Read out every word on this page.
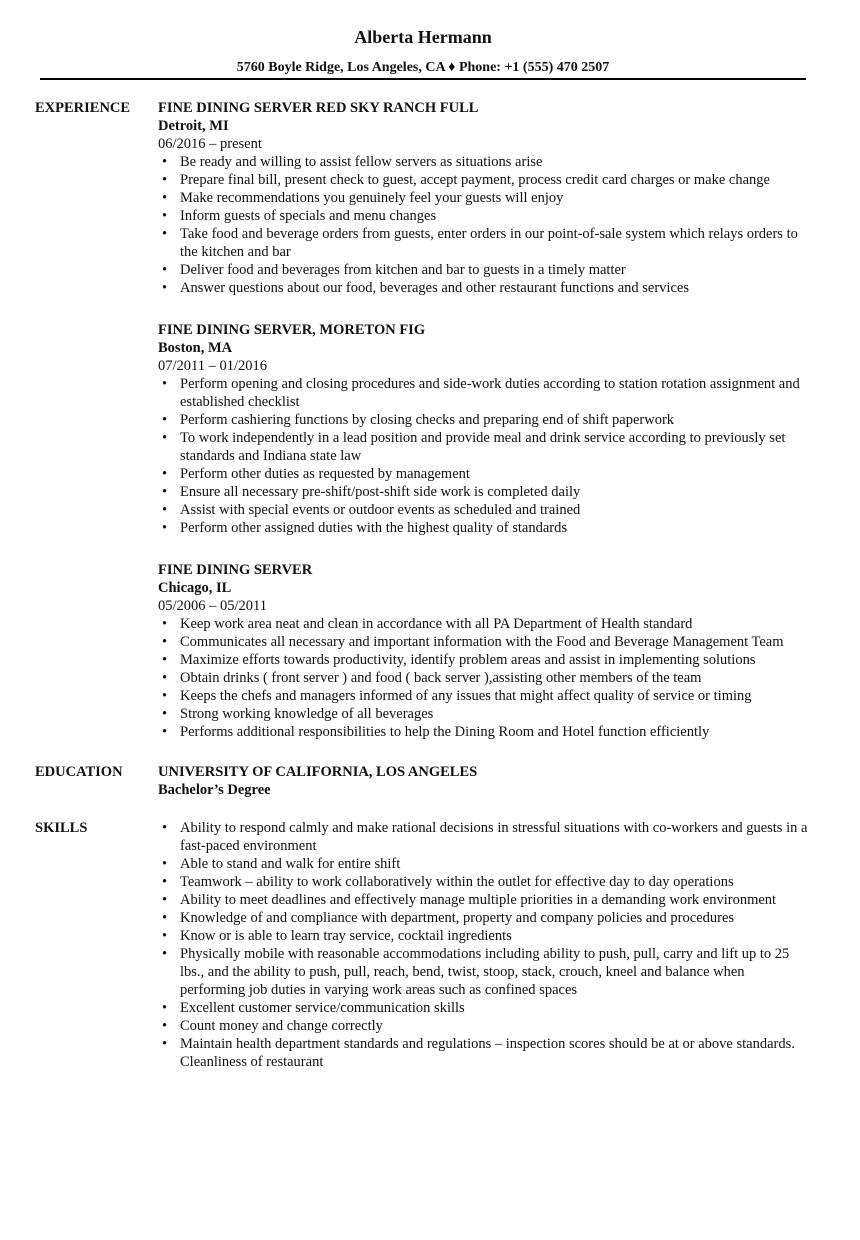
Alberta Hermann
5760 Boyle Ridge, Los Angeles, CA ♦ Phone: +1 (555) 470 2507
EXPERIENCE FINE DINING SERVER RED SKY RANCH FULL
Detroit, MI
06/2016 – present
• Be ready and willing to assist fellow servers as situations arise
• Prepare final bill, present check to guest, accept payment, process credit card charges or make change
• Make recommendations you genuinely feel your guests will enjoy
• Inform guests of specials and menu changes
• Take food and beverage orders from guests, enter orders in our point-of-sale system which relays orders to the kitchen and bar
• Deliver food and beverages from kitchen and bar to guests in a timely matter
• Answer questions about our food, beverages and other restaurant functions and services
FINE DINING SERVER, MORETON FIG
Boston, MA
07/2011 – 01/2016
• Perform opening and closing procedures and side-work duties according to station rotation assignment and established checklist
• Perform cashiering functions by closing checks and preparing end of shift paperwork
• To work independently in a lead position and provide meal and drink service according to previously set standards and Indiana state law
• Perform other duties as requested by management
• Ensure all necessary pre-shift/post-shift side work is completed daily
• Assist with special events or outdoor events as scheduled and trained
• Perform other assigned duties with the highest quality of standards
FINE DINING SERVER
Chicago, IL
05/2006 – 05/2011
• Keep work area neat and clean in accordance with all PA Department of Health standard
• Communicates all necessary and important information with the Food and Beverage Management Team
• Maximize efforts towards productivity, identify problem areas and assist in implementing solutions
• Obtain drinks ( front server ) and food ( back server ),assisting other members of the team
• Keeps the chefs and managers informed of any issues that might affect quality of service or timing
• Strong working knowledge of all beverages
• Performs additional responsibilities to help the Dining Room and Hotel function efficiently
EDUCATION UNIVERSITY OF CALIFORNIA, LOS ANGELES
Bachelor’s Degree
SKILLS
•	Ability to respond calmly and make rational decisions in stressful situations with co-workers and guests in a fast-paced environment
• Able to stand and walk for entire shift
• Teamwork – ability to work collaboratively within the outlet for effective day to day operations
• Ability to meet deadlines and effectively manage multiple priorities in a demanding work environment
• Knowledge of and compliance with department, property and company policies and procedures
• Know or is able to learn tray service, cocktail ingredients
• Physically mobile with reasonable accommodations including ability to push, pull, carry and lift up to 25 lbs., and the ability to push, pull, reach, bend, twist, stoop, stack, crouch, kneel and balance when performing job duties in varying work areas such as confined spaces
• Excellent customer service/communication skills
• Count money and change correctly
• Maintain health department standards and regulations – inspection scores should be at or above standards. Cleanliness of restaurant
